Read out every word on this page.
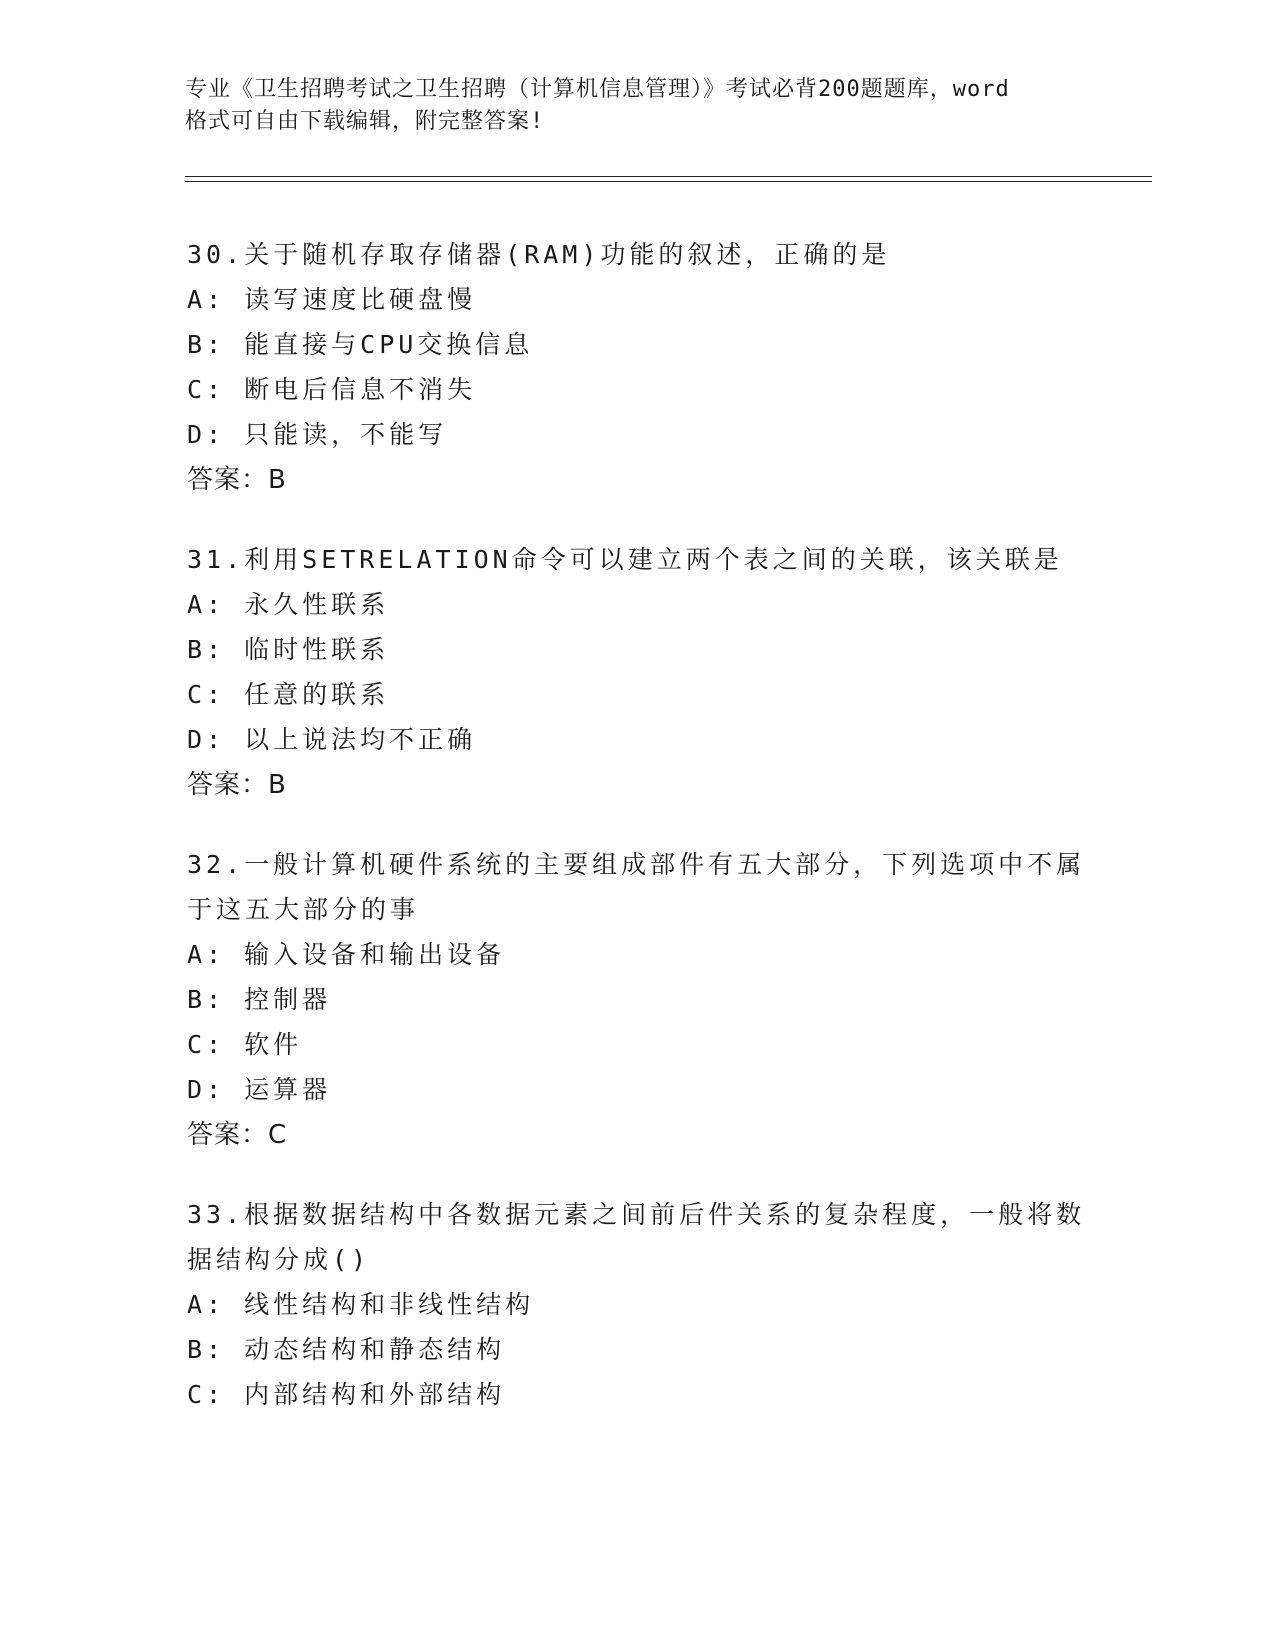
专业《卫生招聘考试之卫生招聘（计算机信息管理）》考试必背200题题库，word
格式可自由下载编辑，附完整答案!
30.关于随机存取存储器(RAM)功能的叙述，正确的是
A: 读写速度比硬盘慢
B: 能直接与CPU交换信息
C: 断电后信息不消失
D: 只能读，不能写
答案：B
31.利用SETRELATION命令可以建立两个表之间的关联，该关联是
A: 永久性联系
B: 临时性联系
C: 任意的联系
D: 以上说法均不正确
答案：B
32.一般计算机硬件系统的主要组成部件有五大部分，下列选项中不属
于这五大部分的事
A: 输入设备和输出设备
B: 控制器
C: 软件
D: 运算器
答案：C
33.根据数据结构中各数据元素之间前后件关系的复杂程度，一般将数
据结构分成()
A: 线性结构和非线性结构
B: 动态结构和静态结构
C: 内部结构和外部结构
